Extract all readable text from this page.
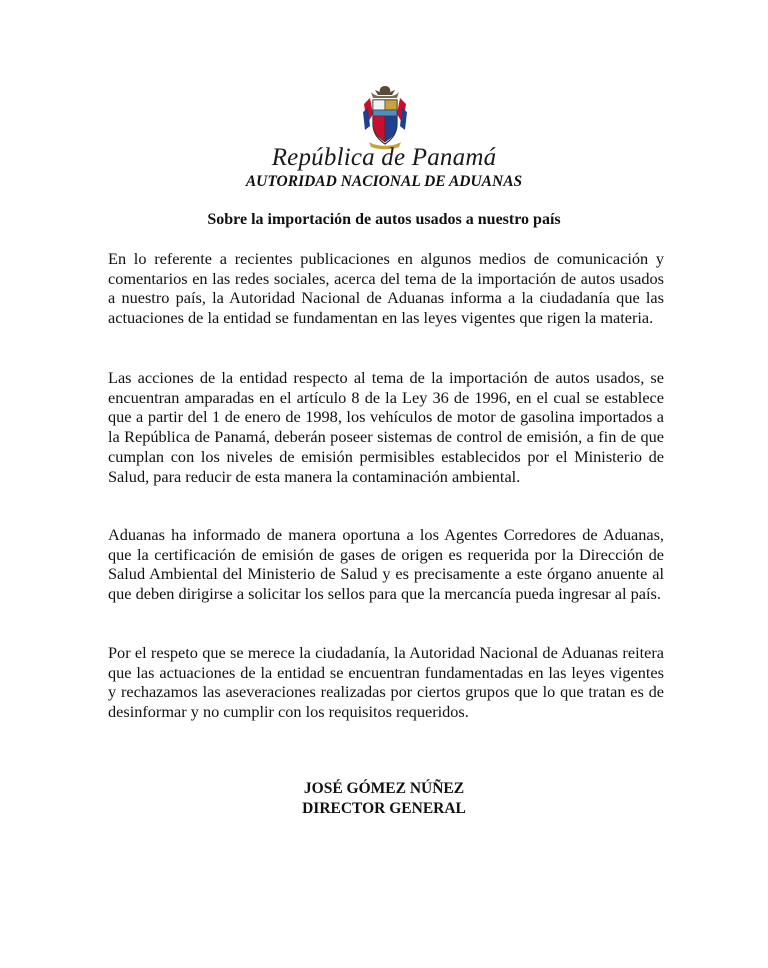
República de Panamá
AUTORIDAD NACIONAL DE ADUANAS
Sobre la importación de autos usados a nuestro país

En lo referente a recientes publicaciones en algunos medios de comunicación y comentarios en las redes sociales, acerca del tema de la importación de autos usados a nuestro país, la Autoridad Nacional de Aduanas informa a la ciudadanía que las actuaciones de la entidad se fundamentan en las leyes vigentes que rigen la materia.

Las acciones de la entidad respecto al tema de la importación de autos usados, se encuentran amparadas en el artículo 8 de la Ley 36 de 1996, en el cual se establece que a partir del 1 de enero de 1998, los vehículos de motor de gasolina importados a la República de Panamá, deberán poseer sistemas de control de emisión, a fin de que cumplan con los niveles de emisión permisibles establecidos por el Ministerio de Salud, para reducir de esta manera la contaminación ambiental.

Aduanas ha informado de manera oportuna a los Agentes Corredores de Aduanas, que la certificación de emisión de gases de origen es requerida por la Dirección de Salud Ambiental del Ministerio de Salud y es precisamente a este órgano anuente al que deben dirigirse a solicitar los sellos para que la mercancía pueda ingresar al país.

Por el respeto que se merece la ciudadanía, la Autoridad Nacional de Aduanas reitera que las actuaciones de la entidad se encuentran fundamentadas en las leyes vigentes y rechazamos las aseveraciones realizadas por ciertos grupos que lo que tratan es de desinformar y no cumplir con los requisitos requeridos.

JOSÉ GÓMEZ NÚÑEZ
DIRECTOR GENERAL
